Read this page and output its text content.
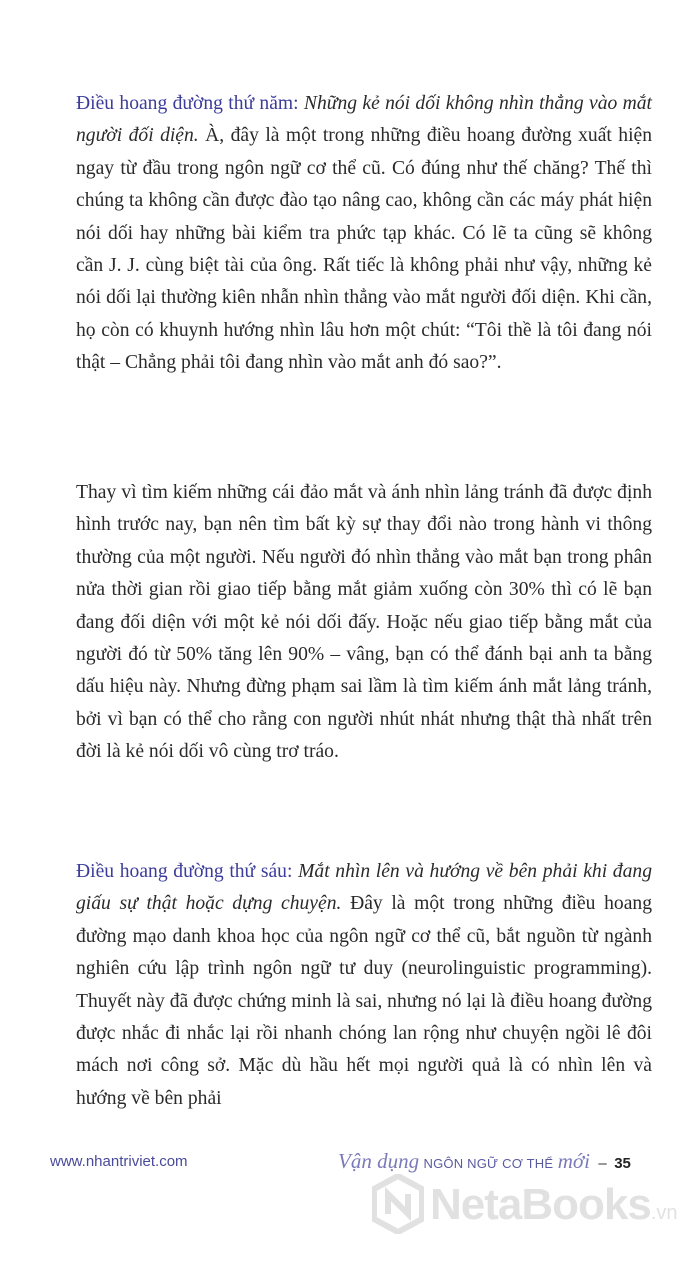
Điều hoang đường thứ năm: Những kẻ nói dối không nhìn thẳng vào mắt người đối diện. À, đây là một trong những điều hoang đường xuất hiện ngay từ đầu trong ngôn ngữ cơ thể cũ. Có đúng như thế chăng? Thế thì chúng ta không cần được đào tạo nâng cao, không cần các máy phát hiện nói dối hay những bài kiểm tra phức tạp khác. Có lẽ ta cũng sẽ không cần J. J. cùng biệt tài của ông. Rất tiếc là không phải như vậy, những kẻ nói dối lại thường kiên nhẫn nhìn thẳng vào mắt người đối diện. Khi cần, họ còn có khuynh hướng nhìn lâu hơn một chút: “Tôi thề là tôi đang nói thật – Chẳng phải tôi đang nhìn vào mắt anh đó sao?”.

Thay vì tìm kiếm những cái đảo mắt và ánh nhìn lảng tránh đã được định hình trước nay, bạn nên tìm bất kỳ sự thay đổi nào trong hành vi thông thường của một người. Nếu người đó nhìn thẳng vào mắt bạn trong phân nửa thời gian rồi giao tiếp bằng mắt giảm xuống còn 30% thì có lẽ bạn đang đối diện với một kẻ nói dối đấy. Hoặc nếu giao tiếp bằng mắt của người đó từ 50% tăng lên 90% – vâng, bạn có thể đánh bại anh ta bằng dấu hiệu này. Nhưng đừng phạm sai lầm là tìm kiếm ánh mắt lảng tránh, bởi vì bạn có thể cho rằng con người nhút nhát nhưng thật thà nhất trên đời là kẻ nói dối vô cùng trơ tráo.

Điều hoang đường thứ sáu: Mắt nhìn lên và hướng về bên phải khi đang giấu sự thật hoặc dựng chuyện. Đây là một trong những điều hoang đường mạo danh khoa học của ngôn ngữ cơ thể cũ, bắt nguồn từ ngành nghiên cứu lập trình ngôn ngữ tư duy (neurolinguistic programming). Thuyết này đã được chứng minh là sai, nhưng nó lại là điều hoang đường được nhắc đi nhắc lại rồi nhanh chóng lan rộng như chuyện ngồi lê đôi mách nơi công sở. Mặc dù hầu hết mọi người quả là có nhìn lên và hướng về bên phải

www.nhantriviet.com	Vận dụng NGÔN NGỮ CƠ THỂ mới – 35
NetaBooks.vn
